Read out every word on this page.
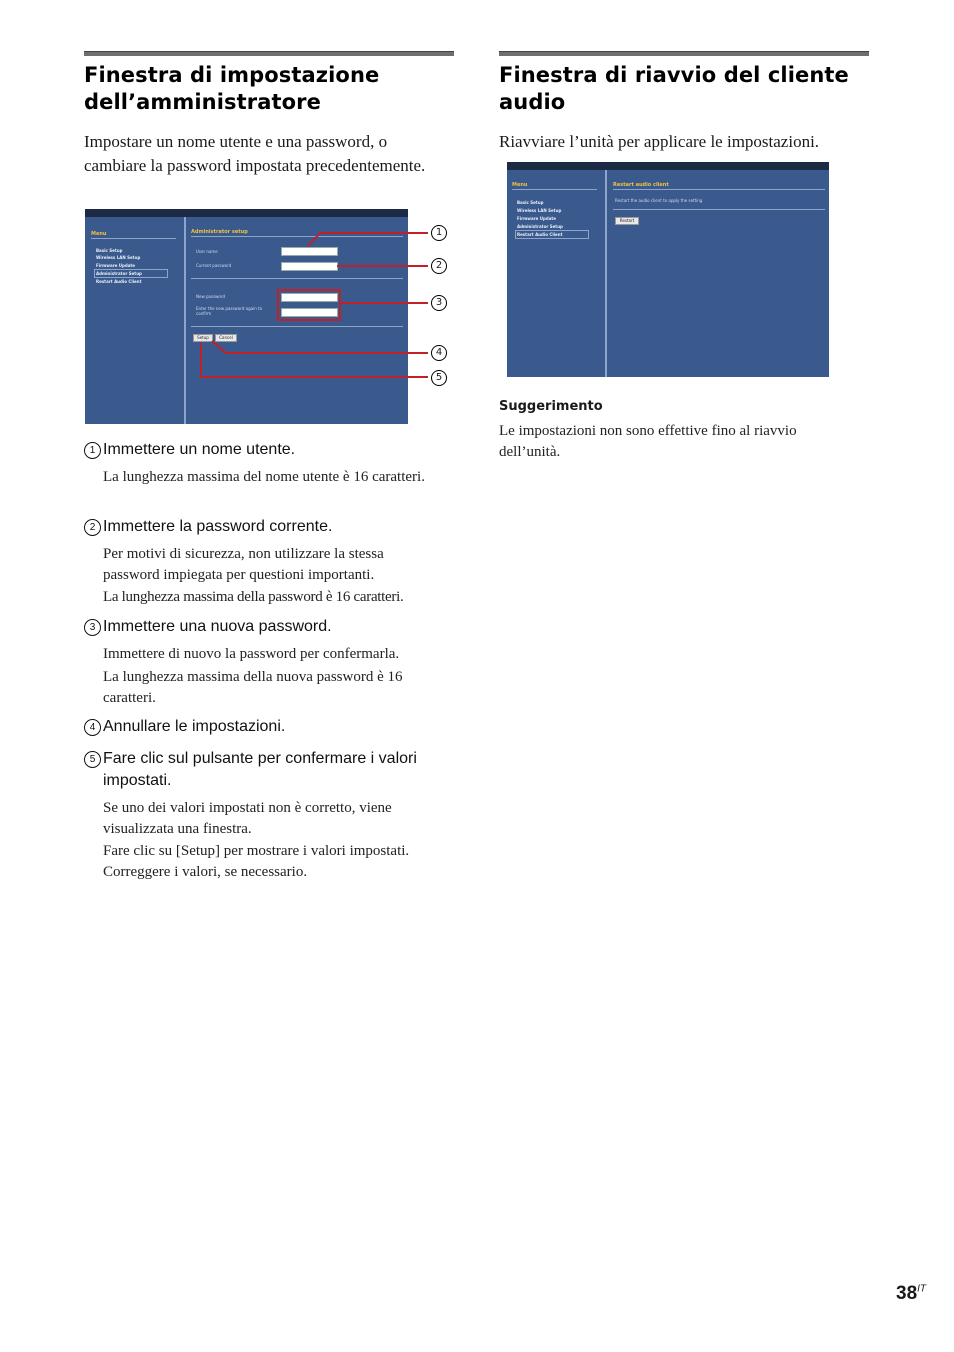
Finestra di impostazione dell’amministratore

Impostare un nome utente e una password, o cambiare la password impostata precedentemente.

Menu
Basic Setup
Wireless LAN Setup
Firmware Update
Administrator Setup
Restart Audio Client
Administrator setup
User name
Current password
New password
Enter the new password again to confirm
Setup	Cancel
1
2
3
4
5
1 Immettere un nome utente.
La lunghezza massima del nome utente è 16 caratteri.
2 Immettere la password corrente.
Per motivi di sicurezza, non utilizzare la stessa password impiegata per questioni importanti.
La lunghezza massima della password è 16 caratteri.
3 Immettere una nuova password.
Immettere di nuovo la password per confermarla.
La lunghezza massima della nuova password è 16 caratteri.
4 Annullare le impostazioni.
5 Fare clic sul pulsante per confermare i valori impostati.
Se uno dei valori impostati non è corretto, viene visualizzata una finestra.
Fare clic su [Setup] per mostrare i valori impostati. Correggere i valori, se necessario.
Finestra di riavvio del cliente audio

Riavviare l’unità per applicare le impostazioni.

Menu
Basic Setup
Wireless LAN Setup
Firmware Update
Administrator Setup
Restart Audio Client
Restart audio client
Restart the audio client to apply the setting
Restart
Suggerimento
Le impostazioni non sono effettive fino al riavvio dell’unità.
$38^{IT}$
